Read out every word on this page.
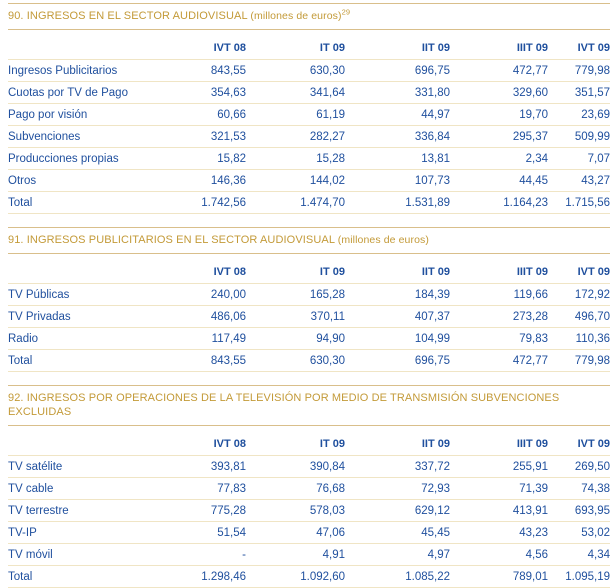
90. INGRESOS EN EL SECTOR AUDIOVISUAL (millones de euros)$^{29}$
IVT 08	IT 09	IIT 09	IIIT 09	IVT 09
Ingresos Publicitarios	843,55	630,30	696,75	472,77	779,98
Cuotas por TV de Pago	354,63	341,64	331,80	329,60	351,57
Pago por visión	60,66	61,19	44,97	19,70	23,69
Subvenciones	321,53	282,27	336,84	295,37	509,99
Producciones propias	15,82	15,28	13,81	2,34	7,07
Otros	146,36	144,02	107,73	44,45	43,27
Total	1.742,56	1.474,70	1.531,89	1.164,23	1.715,56
91. INGRESOS PUBLICITARIOS EN EL SECTOR AUDIOVISUAL (millones de euros)
IVT 08	IT 09	IIT 09	IIIT 09	IVT 09
TV Públicas	240,00	165,28	184,39	119,66	172,92
TV Privadas	486,06	370,11	407,37	273,28	496,70
Radio	117,49	94,90	104,99	79,83	110,36
Total	843,55	630,30	696,75	472,77	779,98
92. INGRESOS POR OPERACIONES DE LA TELEVISIÓN POR MEDIO DE TRANSMISIÓN SUBVENCIONES EXCLUIDAS
IVT 08	IT 09	IIT 09	IIIT 09	IVT 09
TV satélite	393,81	390,84	337,72	255,91	269,50
TV cable	77,83	76,68	72,93	71,39	74,38
TV terrestre	775,28	578,03	629,12	413,91	693,95
TV-IP	51,54	47,06	45,45	43,23	53,02
TV móvil	-	4,91	4,97	4,56	4,34
Total	1.298,46	1.092,60	1.085,22	789,01	1.095,19
